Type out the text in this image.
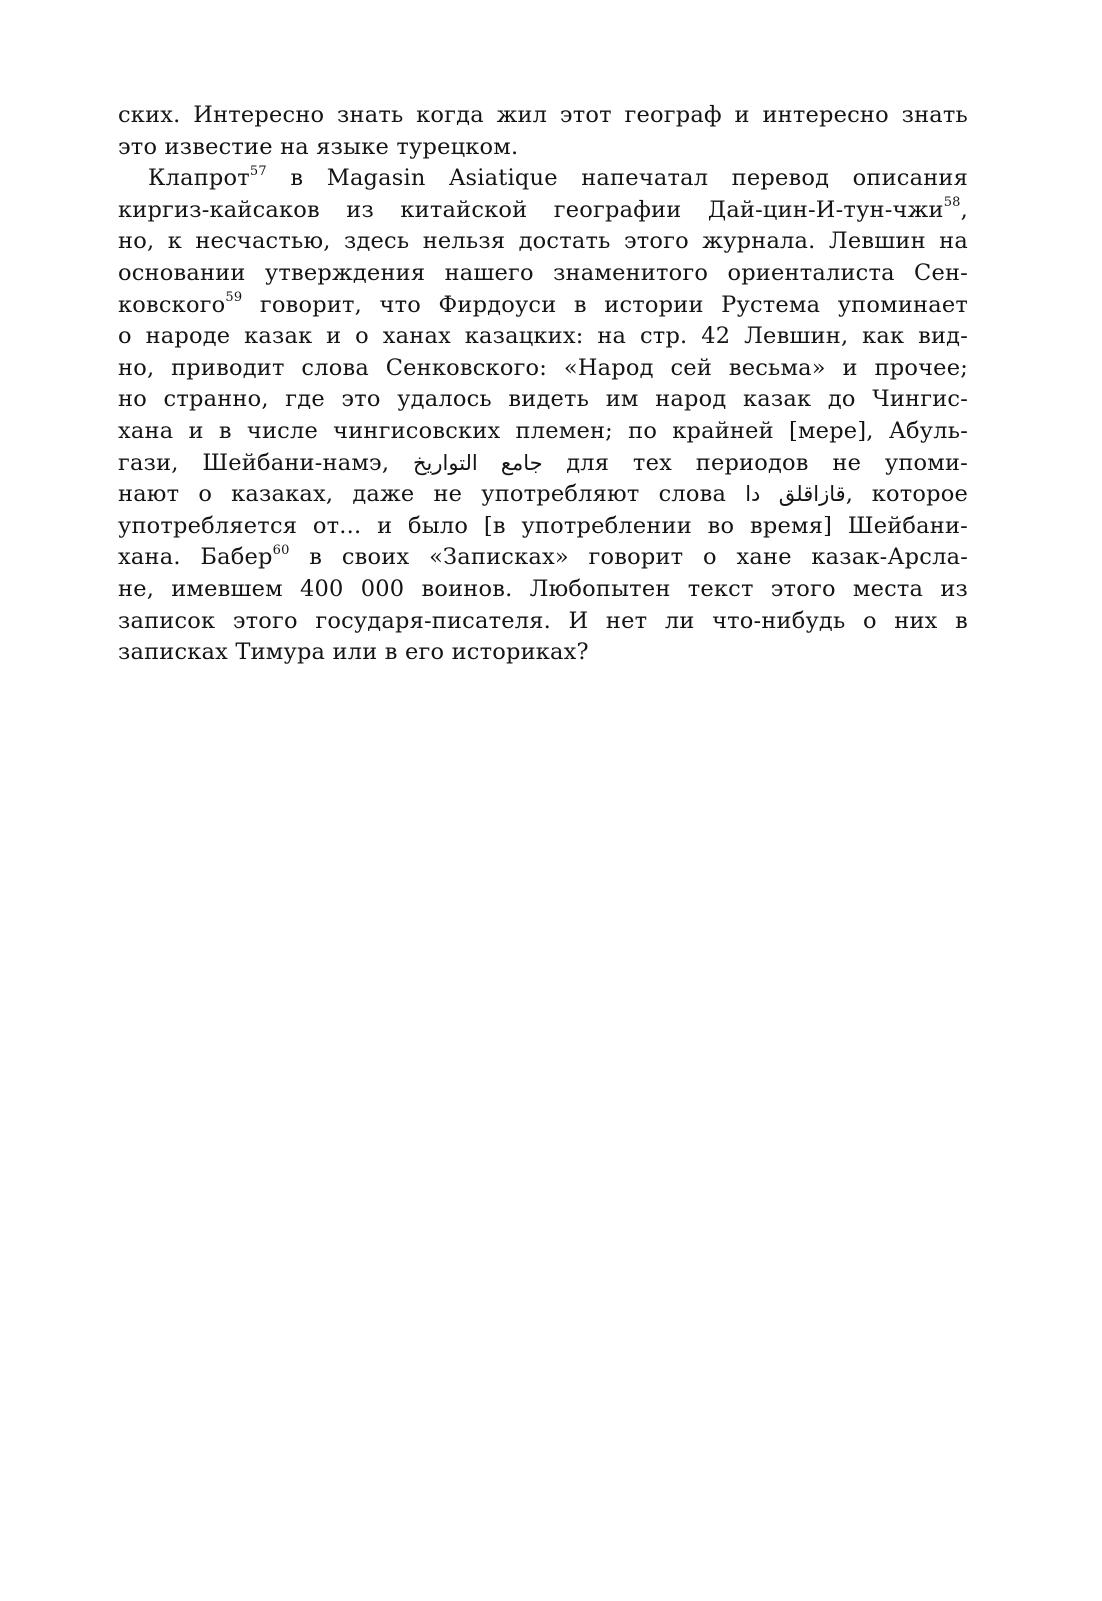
ских. Интересно знать когда жил этот географ и интересно знать
это известие на языке турецком.
Клапрот$^{57}$ в Magasin Asiatique напечатал перевод описания
киргиз-кайсаков из китайской географии Дай-цин-И-тун-чжи$^{58}$,
но, к несчастью, здесь нельзя достать этого журнала. Левшин на
основании утверждения нашего знаменитого ориенталиста Сен-
ковского$^{59}$ говорит, что Фирдоуси в истории Рустема упоминает
о народе казак и о ханах казацких: на стр. 42 Левшин, как вид-
но, приводит слова Сенковского: «Народ сей весьма» и прочее;
но странно, где это удалось видеть им народ казак до Чингис-
хана и в числе чингисовских племен; по крайней [мере], Абуль-
гази, Шейбани-намэ, جامع التواريخ для тех периодов не упоми-
нают о казаках, даже не употребляют слова قازاقلق دا, которое
употребляется от... и было [в употреблении во время] Шейбани-
хана. Бабер$^{60}$ в своих «Записках» говорит о хане казак-Арсла-
не, имевшем 400 000 воинов. Любопытен текст этого места из
записок этого государя-писателя. И нет ли что-нибудь о них в
записках Тимура или в его историках?
